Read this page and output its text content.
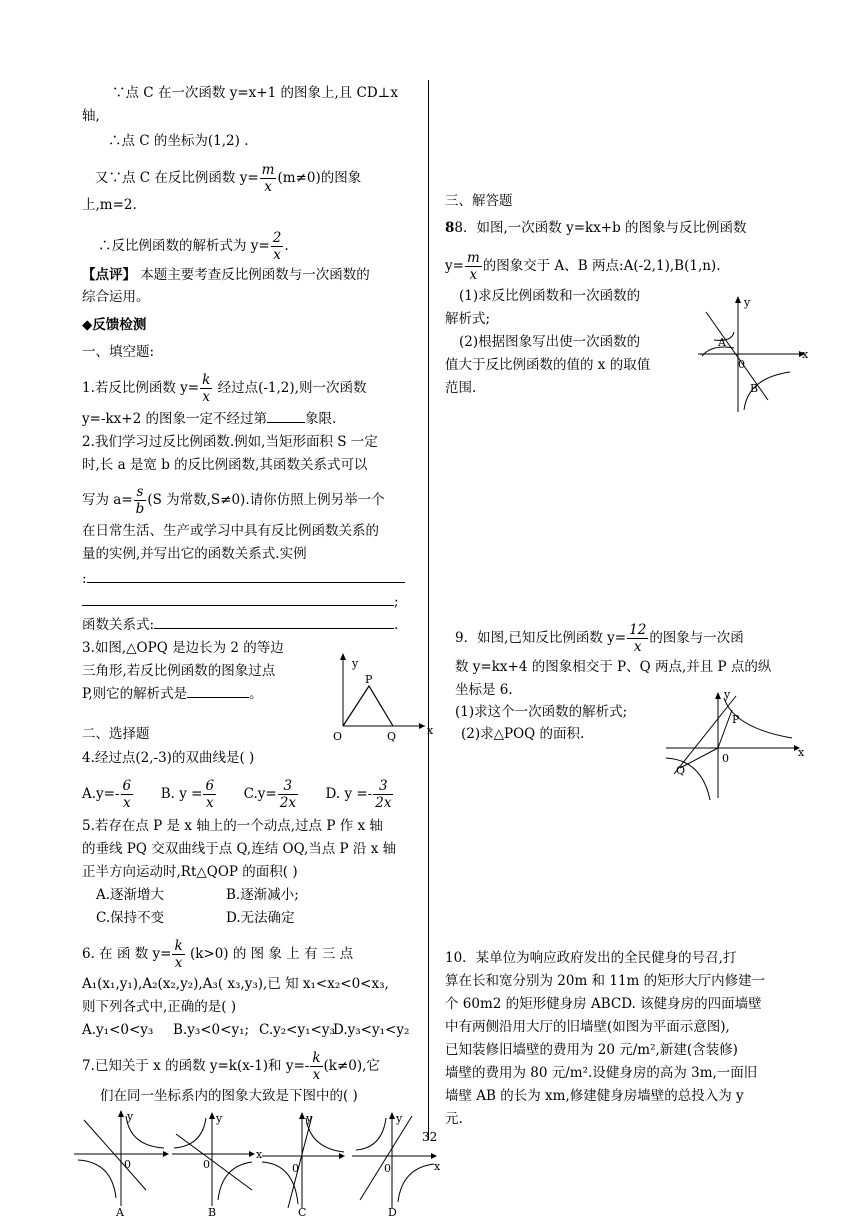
∵点 C 在一次函数 y=x+1 的图象上,且 CD⊥x
轴,
∴点 C 的坐标为(1,2) .
又∵点 C 在反比例函数 $y= \frac{m}{x} (m\ne 0)$的图象
上,m=2.
∴反比例函数的解析式为 $y= \frac{2}{x}$ .
【点评】 本题主要考查反比例函数与一次函数的
综合运用。
◆反馈检测
一、填空题:
1.若反比例函数 $y= \frac{k}{x}$ 经过点(-1,2),则一次函数
y=-kx+2 的图象一定不经过第	象限.
2.我们学习过反比例函数.例如,当矩形面积 S 一定
时,长 a 是宽 b 的反比例函数,其函数关系式可以
写为 $a= \frac{s}{b} (S$ 为常数,S≠0).请你仿照上例另举一个
在日常生活、生产或学习中具有反比例函数关系的
量的实例,并写出它的函数关系式.实例
:
;
函数关系式:	.
3.如图,△OPQ 是边长为 2 的等边
三角形,若反比例函数的图象过点
P,则它的解析式是	。
y
x
P
O	Q
二、选择题
4.经过点(2,-3)的双曲线是( )
$A.y=- \frac{6}{x} B$. $y = \frac{6}{x} C.y= \frac{3}{2x} D$. $y =- \frac{3}{2x}$
5.若存在点 P 是 x 轴上的一个动点,过点 P 作 x 轴
的垂线 PQ 交双曲线于点 Q,连结 OQ,当点 P 沿 x 轴
正半方向运动时,Rt△QOP 的面积( )
A.逐渐增大	B.逐渐减小;
C.保持不变	D.无法确定
6. 在 函 数 $y= \frac{k}{x} (k>0)$ 的 图 象 上 有 三 点
A₁(x₁,y₁),A₂(x₂,y₂),A₃( x₃,y₃),已 知 x₁<x₂<0<x₃,
则下列各式中,正确的是( )
A.y₁<0<y₃ B.y₃<0<y₁; C.y₂<y₁<y₃
D.y₃<y₁<y₂
7.已知关于 x 的函数 y=k(x-1)和 $y=- \frac{k}{x} (k\ne 0)$,它
们在同一坐标系内的图象大致是下图中的( )
y
0
A
y
0
x
B
y
0
C
y
0	x
D
三、解答题
88．如图,一次函数 y=kx+b 的图象与反比例函数
$y= \frac{m}{x}$ 的图象交于 A、B 两点:A(-2,1),B(1,n).
(1)求反比例函数和一次函数的
解析式;
(2)根据图象写出使一次函数的
值大于反比例函数的值的 x 的取值
范围.
y
0
x
A
B
9．如图,已知反比例函数 $y= \frac{12}{x}$ 的图象与一次函
数 y=kx+4 的图象相交于 P、Q 两点,并且 P 点的纵
坐标是 6.
(1)求这个一次函数的解析式;
(2)求△POQ 的面积.
y
0	x
P
Q
10．某单位为响应政府发出的全民健身的号召,打
算在长和宽分别为 20m 和 11m 的矩形大厅内修建一
个 60m2 的矩形健身房 ABCD. 该健身房的四面墙壁
中有两侧沿用大厅的旧墙壁(如图为平面示意图),
已知装修旧墙壁的费用为 20 元/m²,新建(含装修)
墙壁的费用为 80 元/m².设健身房的高为 3m,一面旧
墙壁 AB 的长为 xm,修建健身房墙壁的总投入为 y
元.
32
